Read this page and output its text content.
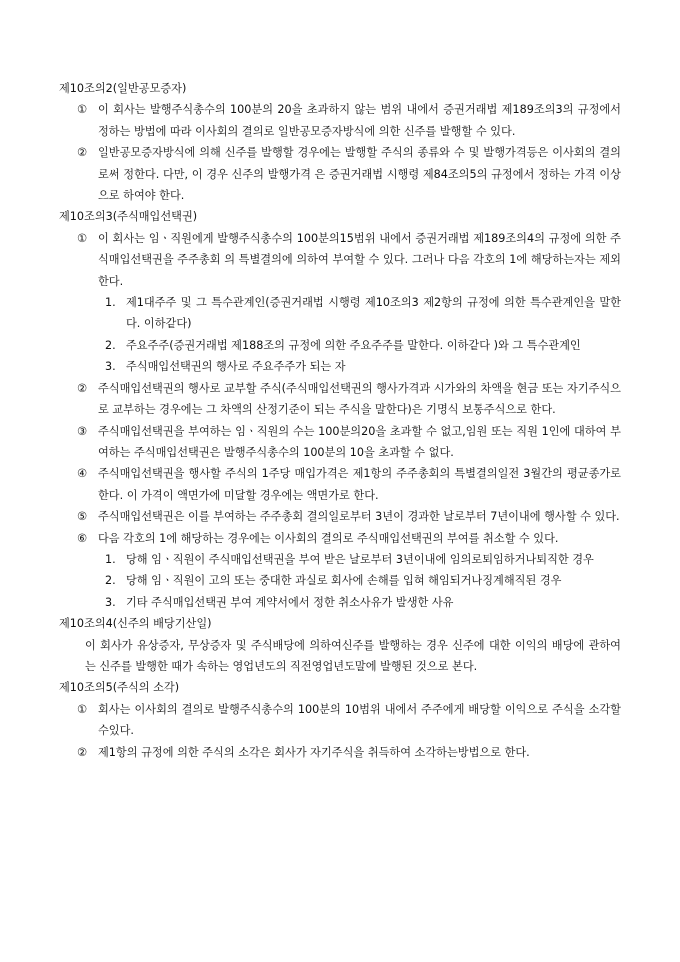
제10조의2(일반공모증자)
① 이 회사는 발행주식총수의 100분의 20을 초과하지 않는 범위 내에서 증권거래법 제189조의3의 규정에서 정하는 방법에 따라 이사회의 결의로 일반공모증자방식에 의한 신주를 발행할 수 있다.
② 일반공모증자방식에 의해 신주를 발행할 경우에는 발행할 주식의 종류와 수 및 발행가격등은 이사회의 결의로써 정한다. 다만, 이 경우 신주의 발행가격 은 증권거래법 시행령 제84조의5의 규정에서 정하는 가격 이상으로 하여야 한다.
제10조의3(주식매입선택권)
① 이 회사는 임ㆍ직원에게 발행주식총수의 100분의15범위 내에서 증권거래법 제189조의4의 규정에 의한 주식매입선택권을 주주총회 의 특별결의에 의하여 부여할 수 있다. 그러나 다음 각호의 1에 해당하는자는 제외한다.
1. 제1대주주 및 그 특수관계인(증권거래법 시행령 제10조의3 제2항의 규정에 의한 특수관계인을 말한다. 이하같다)
2. 주요주주(증권거래법 제188조의 규정에 의한 주요주주를 말한다. 이하같다 )와 그 특수관계인
3. 주식매입선택권의 행사로 주요주주가 되는 자
② 주식매입선택권의 행사로 교부할 주식(주식매입선택권의 행사가격과 시가와의 차액을 현금 또는 자기주식으로 교부하는 경우에는 그 차액의 산정기준이 되는 주식을 말한다)은 기명식 보통주식으로 한다.
③ 주식매입선택권을 부여하는 임ㆍ직원의 수는 100분의20을 초과할 수 없고,임원 또는 직원 1인에 대하여 부여하는 주식매입선택권은 발행주식총수의 100분의 10을 초과할 수 없다.
④ 주식매입선택권을 행사할 주식의 1주당 매입가격은 제1항의 주주총회의 특별결의일전 3월간의 평균종가로 한다. 이 가격이 액면가에 미달할 경우에는 액면가로 한다.
⑤ 주식매입선택권은 이를 부여하는 주주총회 결의일로부터 3년이 경과한 날로부터 7년이내에 행사할 수 있다.
⑥ 다음 각호의 1에 해당하는 경우에는 이사회의 결의로 주식매입선택권의 부여를 취소할 수 있다.
1. 당해 임ㆍ직원이 주식매입선택권을 부여 받은 날로부터 3년이내에 임의로퇴임하거나퇴직한 경우
2. 당해 임ㆍ직원이 고의 또는 중대한 과실로 회사에 손해를 입혀 해임되거나징계해직된 경우
3. 기타 주식매입선택권 부여 계약서에서 정한 취소사유가 발생한 사유
제10조의4(신주의 배당기산일)
이 회사가 유상증자, 무상증자 및 주식배당에 의하여신주를 발행하는 경우 신주에 대한 이익의 배당에 관하여는 신주를 발행한 때가 속하는 영업년도의 직전영업년도말에 발행된 것으로 본다.
제10조의5(주식의 소각)
① 회사는 이사회의 결의로 발행주식총수의 100분의 10범위 내에서 주주에게 배당할 이익으로 주식을 소각할 수있다.
② 제1항의 규정에 의한 주식의 소각은 회사가 자기주식을 취득하여 소각하는방법으로 한다.
